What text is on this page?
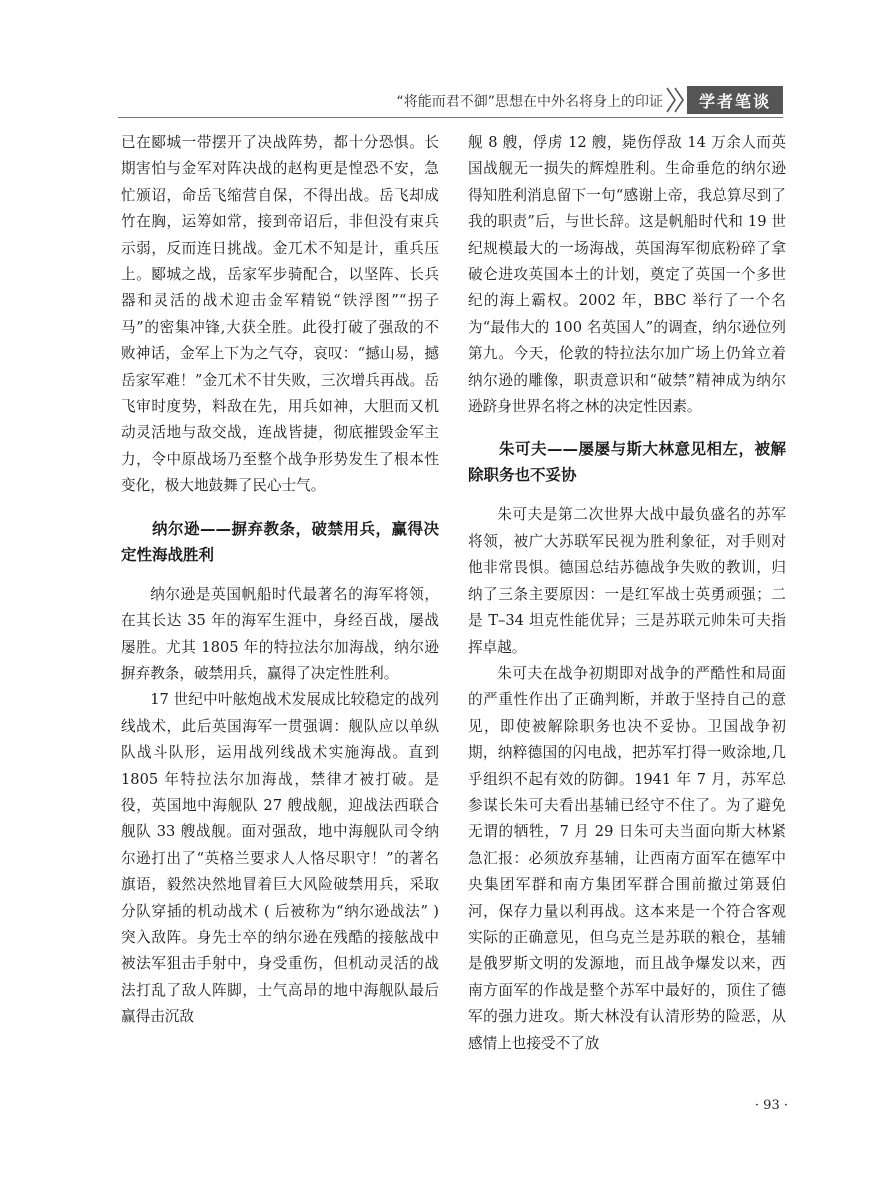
“将能而君不御”思想在中外名将身上的印证	学者笔谈

已在郾城一带摆开了决战阵势，都十分恐惧。长期害怕与金军对阵决战的赵构更是惶恐不安，急忙颁诏，命岳飞缩营自保，不得出战。岳飞却成竹在胸，运筹如常，接到帝诏后，非但没有束兵示弱，反而连日挑战。金兀术不知是计，重兵压上。郾城之战，岳家军步骑配合，以坚阵、长兵器和灵活的战术迎击金军精锐“铁浮图”“拐子马”的密集冲锋,大获全胜。此役打破了强敌的不败神话，金军上下为之气夺，哀叹：“撼山易，撼岳家军难！”金兀术不甘失败，三次增兵再战。岳飞审时度势，料敌在先，用兵如神，大胆而又机动灵活地与敌交战，连战皆捷，彻底摧毁金军主力，令中原战场乃至整个战争形势发生了根本性变化，极大地鼓舞了民心士气。

纳尔逊——摒弃教条，破禁用兵，赢得决定性海战胜利

纳尔逊是英国帆船时代最著名的海军将领，在其长达 35 年的海军生涯中，身经百战，屡战屡胜。尤其 1805 年的特拉法尔加海战，纳尔逊摒弃教条，破禁用兵，赢得了决定性胜利。

17 世纪中叶舷炮战术发展成比较稳定的战列线战术，此后英国海军一贯强调：舰队应以单纵队战斗队形，运用战列线战术实施海战。直到 1805 年特拉法尔加海战，禁律才被打破。是役，英国地中海舰队 27 艘战舰，迎战法西联合舰队 33 艘战舰。面对强敌，地中海舰队司令纳尔逊打出了“英格兰要求人人恪尽职守！”的著名旗语，毅然决然地冒着巨大风险破禁用兵，采取分队穿插的机动战术 ( 后被称为“纳尔逊战法” ) 突入敌阵。身先士卒的纳尔逊在残酷的接舷战中被法军狙击手射中，身受重伤，但机动灵活的战法打乱了敌人阵脚，士气高昂的地中海舰队最后赢得击沉敌

舰 8 艘，俘虏 12 艘，毙伤俘敌 14 万余人而英国战舰无一损失的辉煌胜利。生命垂危的纳尔逊得知胜利消息留下一句“感谢上帝，我总算尽到了我的职责”后，与世长辞。这是帆船时代和 19 世纪规模最大的一场海战，英国海军彻底粉碎了拿破仑进攻英国本土的计划，奠定了英国一个多世纪的海上霸权。2002 年，BBC 举行了一个名为“最伟大的 100 名英国人”的调查，纳尔逊位列第九。今天，伦敦的特拉法尔加广场上仍耸立着纳尔逊的雕像，职责意识和“破禁”精神成为纳尔逊跻身世界名将之林的决定性因素。

朱可夫——屡屡与斯大林意见相左，被解除职务也不妥协

朱可夫是第二次世界大战中最负盛名的苏军将领，被广大苏联军民视为胜利象征，对手则对他非常畏惧。德国总结苏德战争失败的教训，归纳了三条主要原因：一是红军战士英勇顽强；二是 T–34 坦克性能优异；三是苏联元帅朱可夫指挥卓越。

朱可夫在战争初期即对战争的严酷性和局面的严重性作出了正确判断，并敢于坚持自己的意见，即使被解除职务也决不妥协。卫国战争初期，纳粹德国的闪电战，把苏军打得一败涂地,几乎组织不起有效的防御。1941 年 7 月，苏军总参谋长朱可夫看出基辅已经守不住了。为了避免无谓的牺牲，7 月 29 日朱可夫当面向斯大林紧急汇报：必须放弃基辅，让西南方面军在德军中央集团军群和南方集团军群合围前撤过第聂伯河，保存力量以利再战。这本来是一个符合客观实际的正确意见，但乌克兰是苏联的粮仓，基辅是俄罗斯文明的发源地，而且战争爆发以来，西南方面军的作战是整个苏军中最好的，顶住了德军的强力进攻。斯大林没有认清形势的险恶，从感情上也接受不了放

· 93 ·
